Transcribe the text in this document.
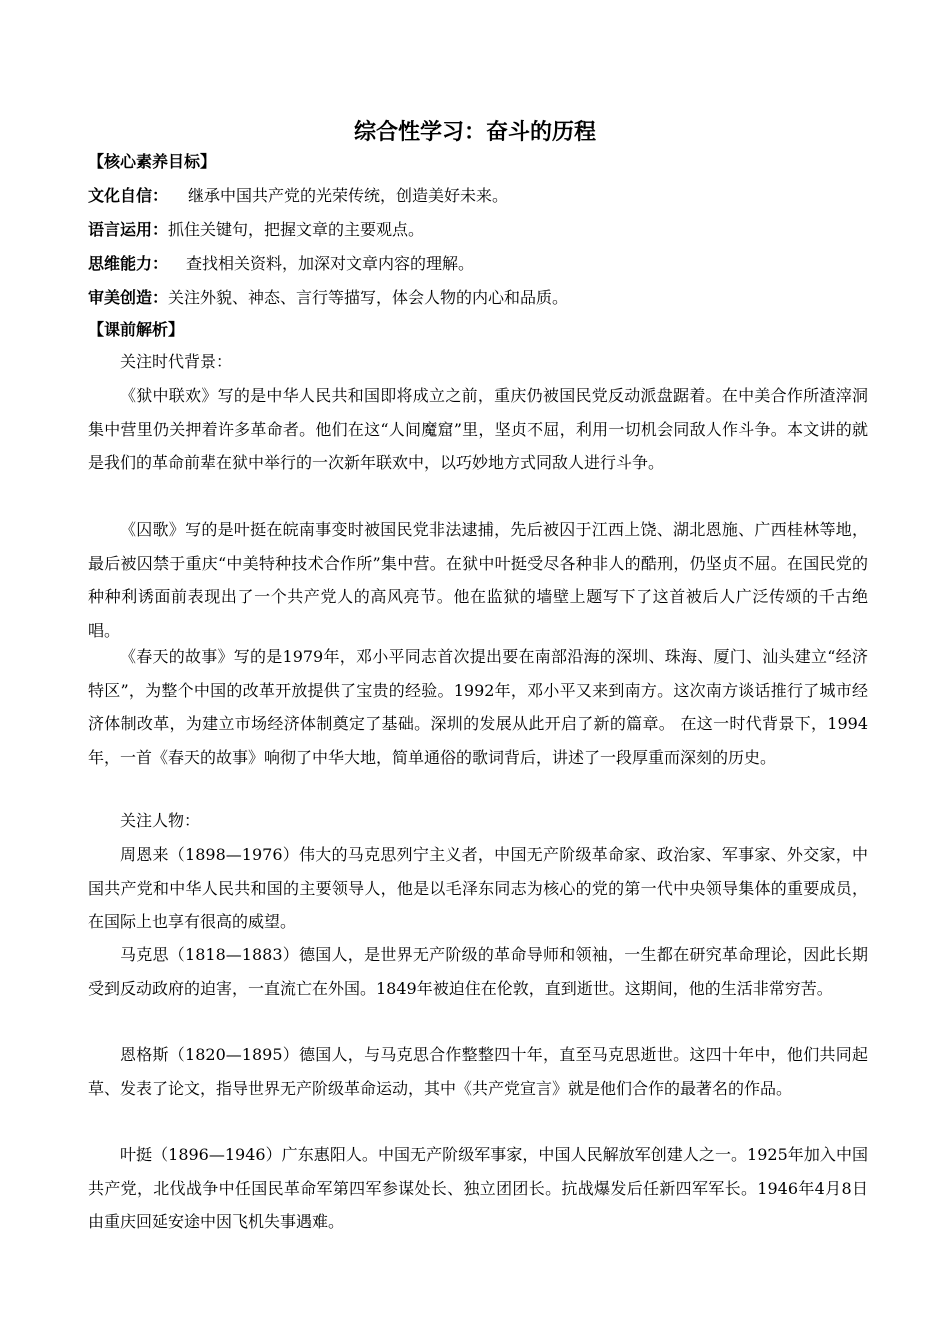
综合性学习：奋斗的历程
【核心素养目标】
文化自信： 继承中国共产党的光荣传统，创造美好未来。
语言运用：抓住关键句，把握文章的主要观点。
思维能力： 查找相关资料，加深对文章内容的理解。
审美创造：关注外貌、神态、言行等描写，体会人物的内心和品质。
【课前解析】

关注时代背景：

《狱中联欢》写的是中华人民共和国即将成立之前，重庆仍被国民党反动派盘踞着。在中美合作所渣滓洞集中营里仍关押着许多革命者。他们在这“人间魔窟”里，坚贞不屈，利用一切机会同敌人作斗争。本文讲的就是我们的革命前辈在狱中举行的一次新年联欢中，以巧妙地方式同敌人进行斗争。

《囚歌》写的是叶挺在皖南事变时被国民党非法逮捕，先后被囚于江西上饶、湖北恩施、广西桂林等地，最后被囚禁于重庆“中美特种技术合作所”集中营。在狱中叶挺受尽各种非人的酷刑，仍坚贞不屈。在国民党的种种利诱面前表现出了一个共产党人的高风亮节。他在监狱的墙壁上题写下了这首被后人广泛传颂的千古绝唱。

《春天的故事》写的是1979年，邓小平同志首次提出要在南部沿海的深圳、珠海、厦门、汕头建立“经济特区”，为整个中国的改革开放提供了宝贵的经验。1992年，邓小平又来到南方。这次南方谈话推行了城市经济体制改革，为建立市场经济体制奠定了基础。深圳的发展从此开启了新的篇章。 在这一时代背景下，1994年，一首《春天的故事》响彻了中华大地，简单通俗的歌词背后，讲述了一段厚重而深刻的历史。

关注人物：

周恩来（1898—1976）伟大的马克思列宁主义者，中国无产阶级革命家、政治家、军事家、外交家，中国共产党和中华人民共和国的主要领导人，他是以毛泽东同志为核心的党的第一代中央领导集体的重要成员，在国际上也享有很高的威望。

马克思（1818—1883）德国人，是世界无产阶级的革命导师和领袖，一生都在研究革命理论，因此长期受到反动政府的迫害，一直流亡在外国。1849年被迫住在伦敦，直到逝世。这期间，他的生活非常穷苦。

恩格斯（1820—1895）德国人，与马克思合作整整四十年，直至马克思逝世。这四十年中，他们共同起草、发表了论文，指导世界无产阶级革命运动，其中《共产党宣言》就是他们合作的最著名的作品。

叶挺（1896—1946）广东惠阳人。中国无产阶级军事家，中国人民解放军创建人之一。1925年加入中国共产党，北伐战争中任国民革命军第四军参谋处长、独立团团长。抗战爆发后任新四军军长。1946年4月8日由重庆回延安途中因飞机失事遇难。
